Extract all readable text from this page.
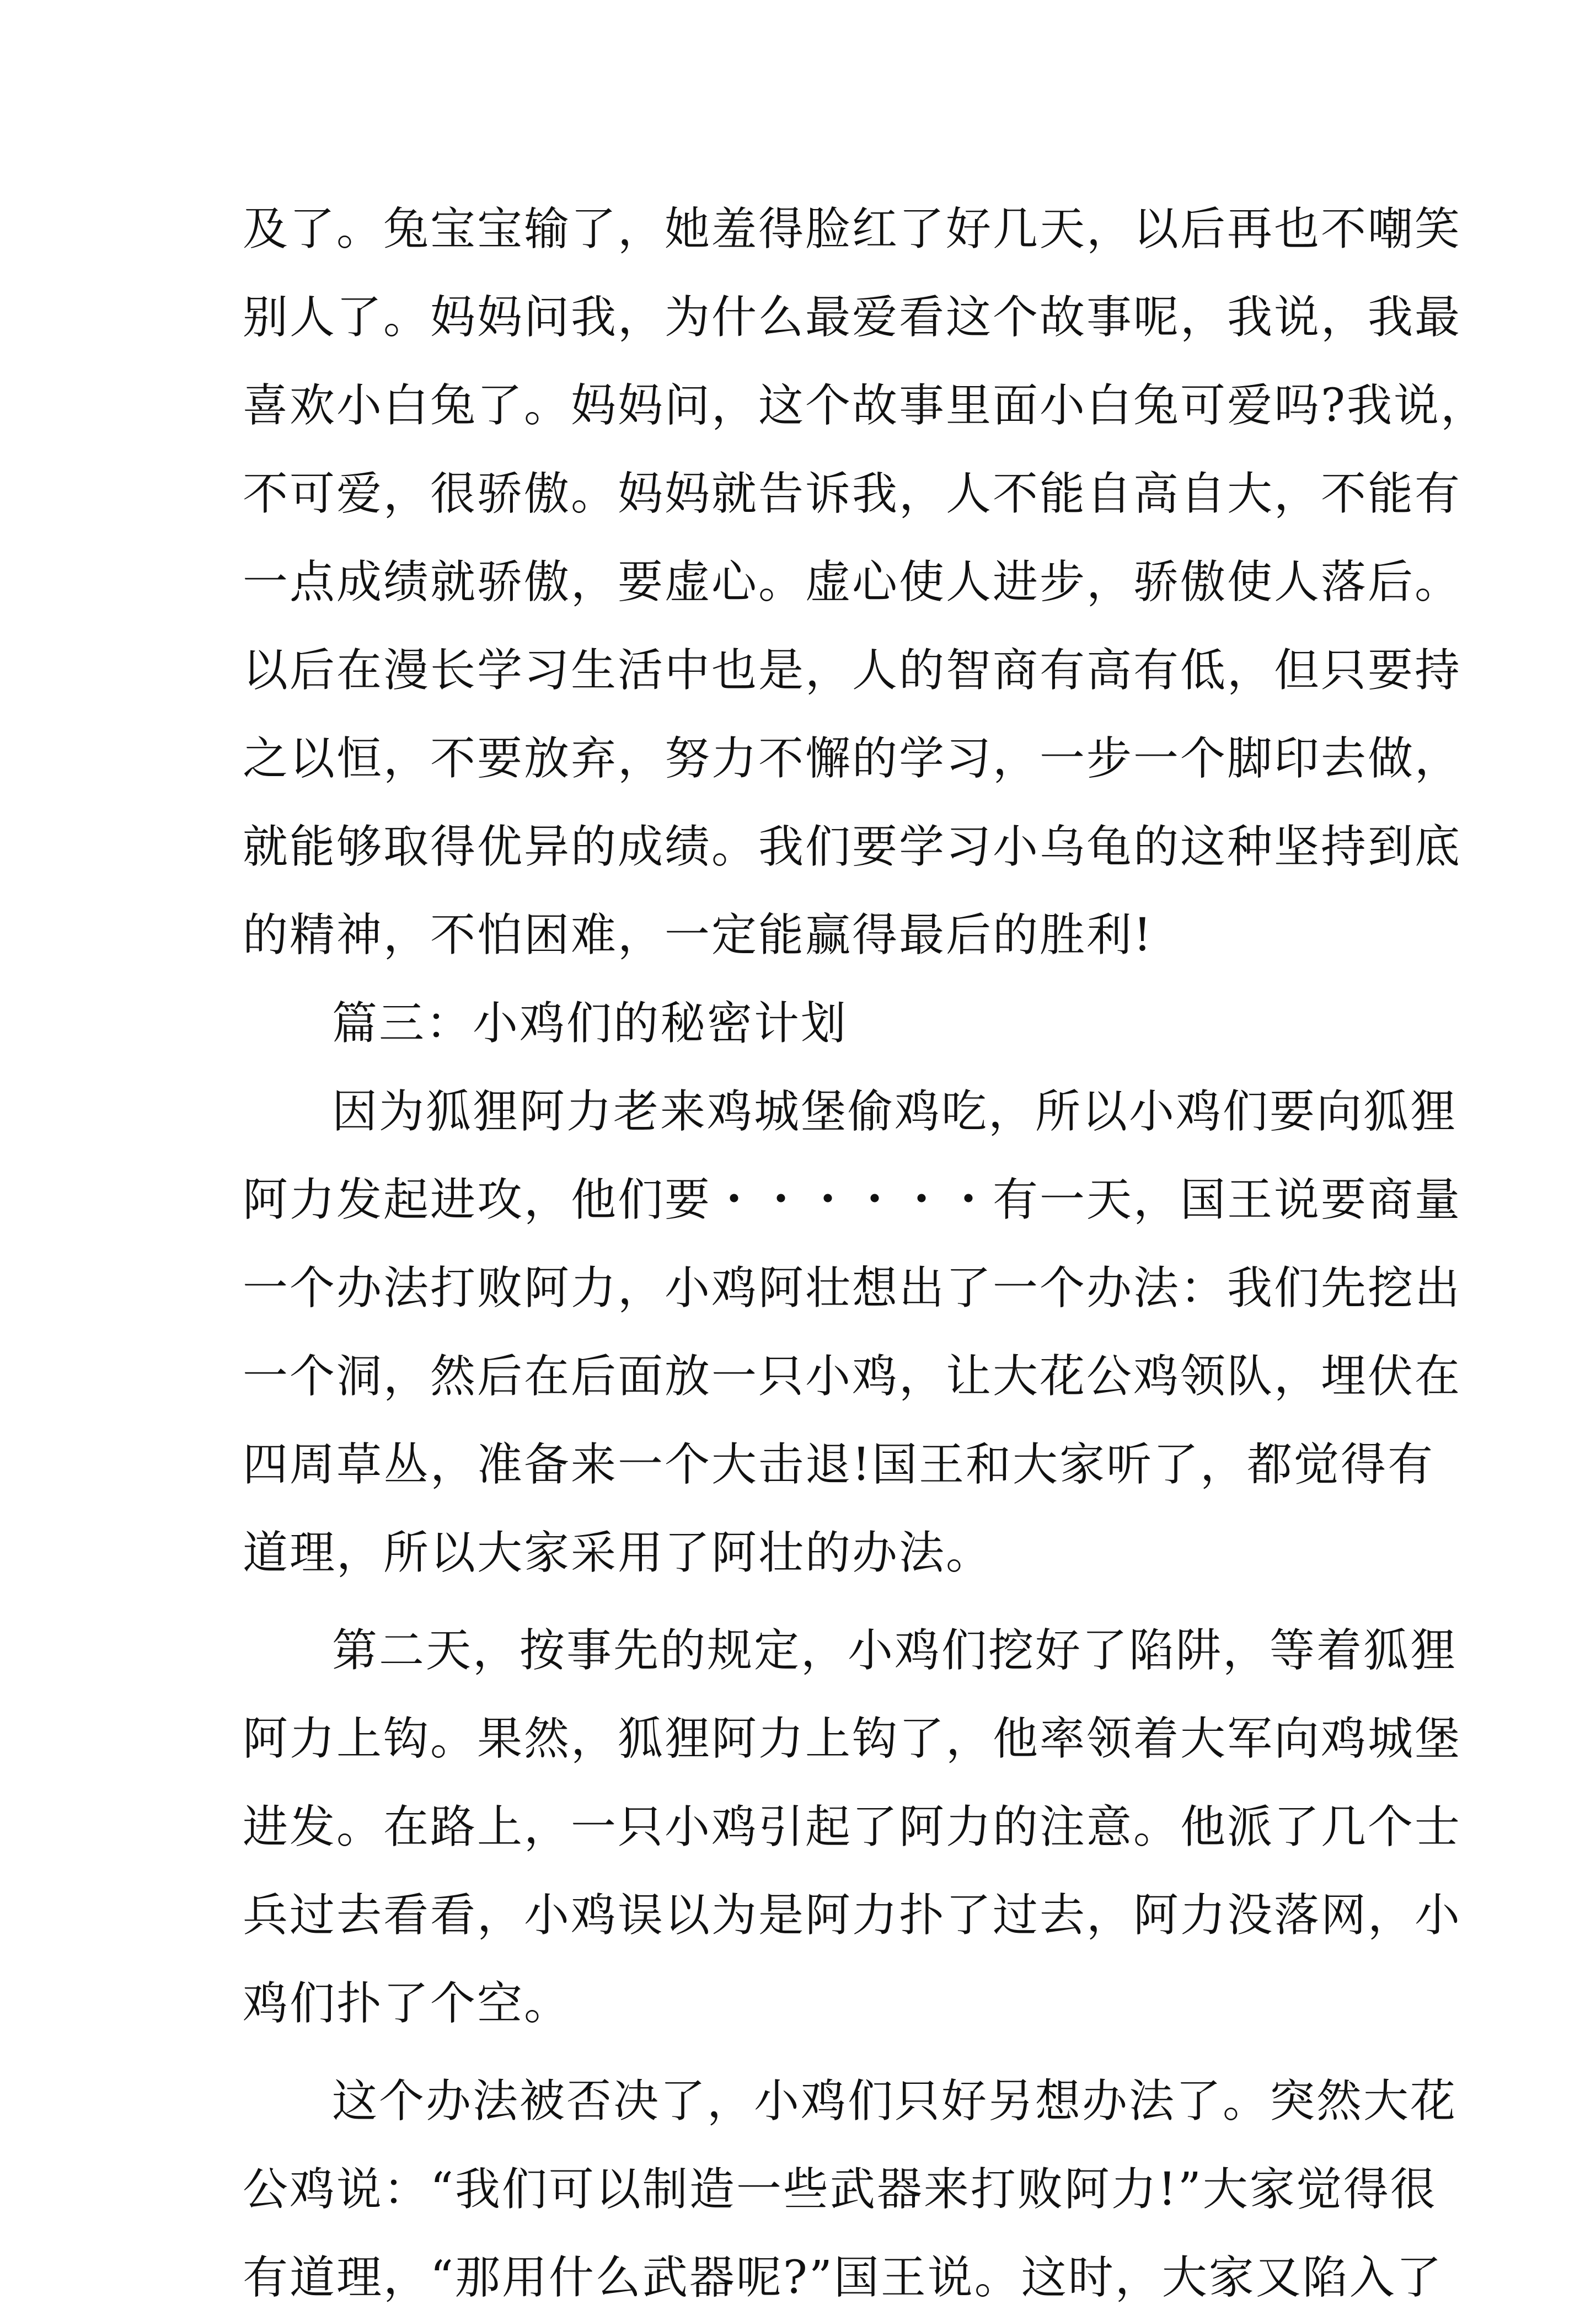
及了。兔宝宝输了，她羞得脸红了好几天，以后再也不嘲笑
别人了。妈妈问我，为什么最爱看这个故事呢，我说，我最
喜欢小白兔了。妈妈问，这个故事里面小白兔可爱吗?我说，
不可爱，很骄傲。妈妈就告诉我，人不能自高自大，不能有
一点成绩就骄傲，要虚心。虚心使人进步，骄傲使人落后。
以后在漫长学习生活中也是，人的智商有高有低，但只要持
之以恒，不要放弃，努力不懈的学习，一步一个脚印去做，
就能够取得优异的成绩。我们要学习小乌龟的这种坚持到底
的精神，不怕困难，一定能赢得最后的胜利!
篇三：小鸡们的秘密计划
因为狐狸阿力老来鸡城堡偷鸡吃，所以小鸡们要向狐狸
阿力发起进攻，他们要・・・・・・有一天，国王说要商量
一个办法打败阿力，小鸡阿壮想出了一个办法：我们先挖出
一个洞，然后在后面放一只小鸡，让大花公鸡领队，埋伏在
四周草丛，准备来一个大击退!国王和大家听了，都觉得有
道理，所以大家采用了阿壮的办法。
第二天，按事先的规定，小鸡们挖好了陷阱，等着狐狸
阿力上钩。果然，狐狸阿力上钩了，他率领着大军向鸡城堡
进发。在路上，一只小鸡引起了阿力的注意。他派了几个士
兵过去看看，小鸡误以为是阿力扑了过去，阿力没落网，小
鸡们扑了个空。
这个办法被否决了，小鸡们只好另想办法了。突然大花
公鸡说：“我们可以制造一些武器来打败阿力!”大家觉得很
有道理，“那用什么武器呢?”国王说。这时，大家又陷入了
